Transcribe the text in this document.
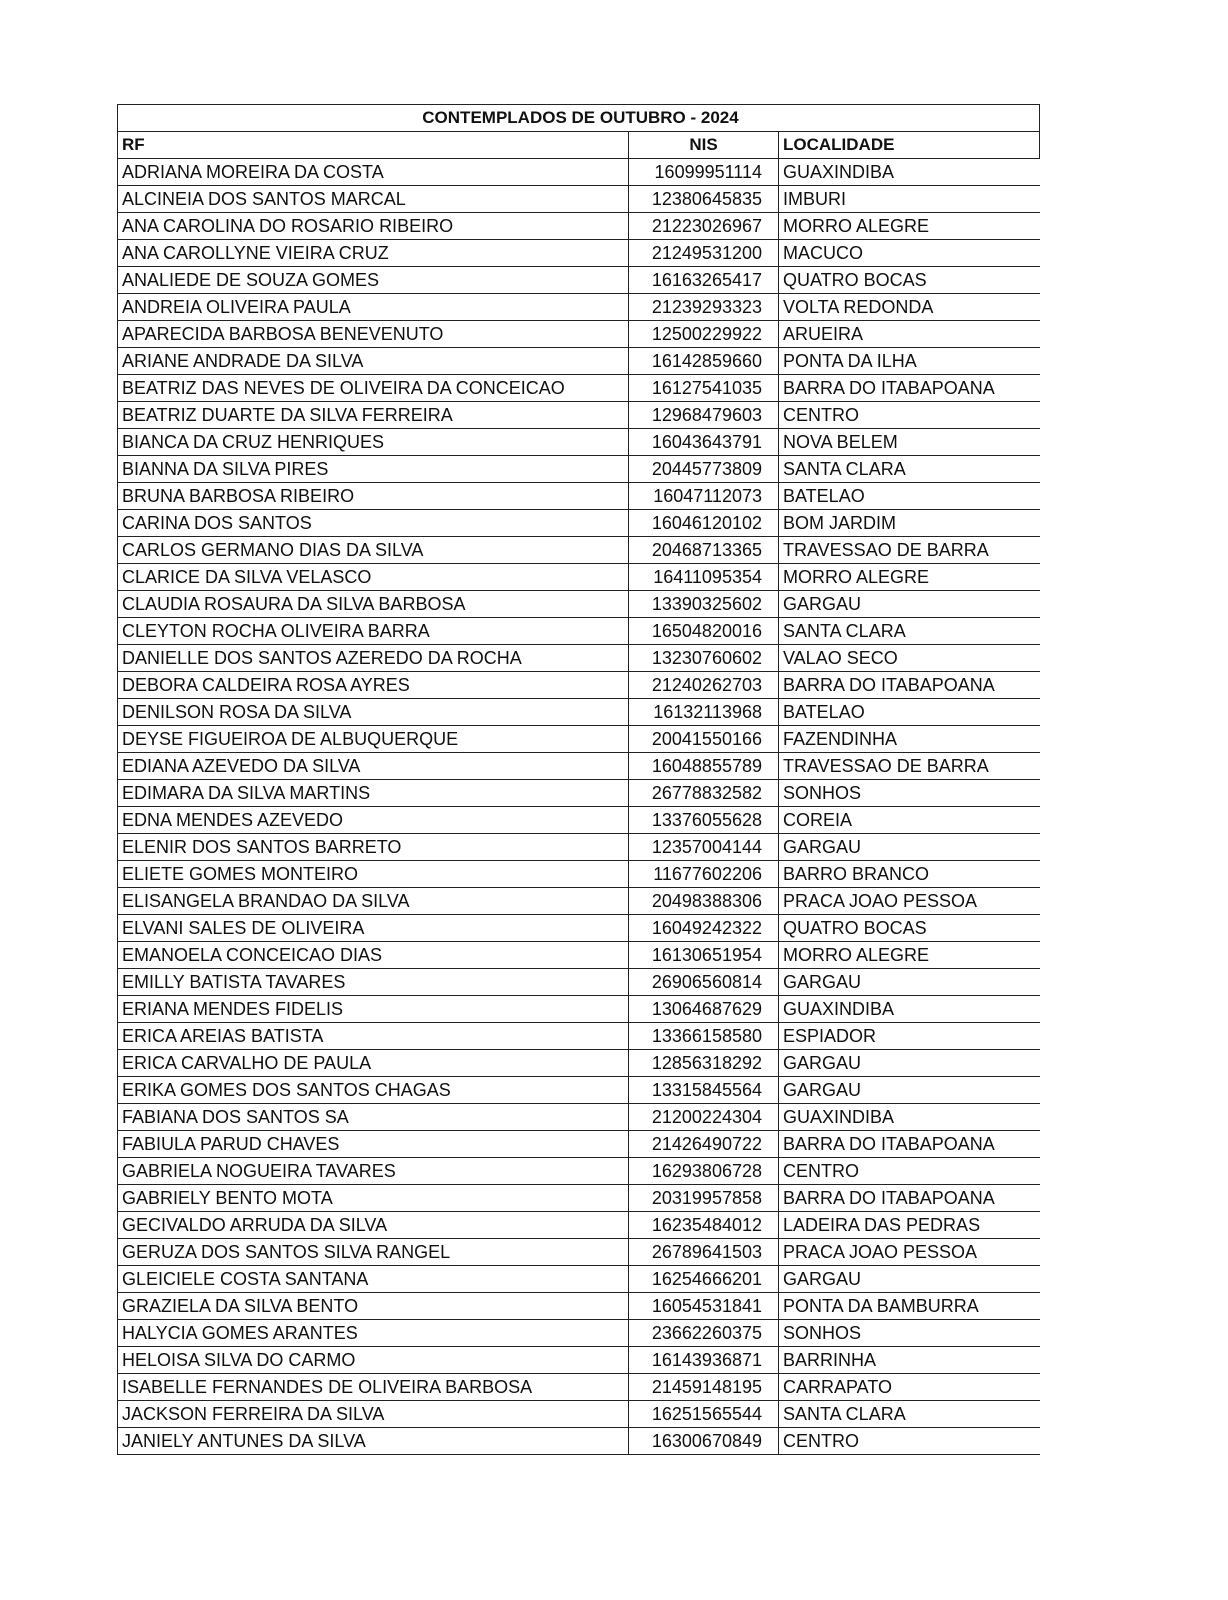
CONTEMPLADOS DE OUTUBRO - 2024		
RF	NIS	LOCALIDADE
ADRIANA MOREIRA DA COSTA	16099951114	GUAXINDIBA
ALCINEIA DOS SANTOS MARCAL	12380645835	IMBURI
ANA CAROLINA DO ROSARIO RIBEIRO	21223026967	MORRO ALEGRE
ANA CAROLLYNE VIEIRA CRUZ	21249531200	MACUCO
ANALIEDE DE SOUZA GOMES	16163265417	QUATRO BOCAS
ANDREIA OLIVEIRA PAULA	21239293323	VOLTA REDONDA
APARECIDA BARBOSA BENEVENUTO	12500229922	ARUEIRA
ARIANE ANDRADE DA SILVA	16142859660	PONTA DA ILHA
BEATRIZ DAS NEVES DE OLIVEIRA DA CONCEICAO	16127541035	BARRA DO ITABAPOANA
BEATRIZ DUARTE DA SILVA FERREIRA	12968479603	CENTRO
BIANCA DA CRUZ HENRIQUES	16043643791	NOVA BELEM
BIANNA DA SILVA PIRES	20445773809	SANTA CLARA
BRUNA BARBOSA RIBEIRO	16047112073	BATELAO
CARINA DOS SANTOS	16046120102	BOM JARDIM
CARLOS GERMANO DIAS DA SILVA	20468713365	TRAVESSAO DE BARRA
CLARICE DA SILVA VELASCO	16411095354	MORRO ALEGRE
CLAUDIA ROSAURA DA SILVA BARBOSA	13390325602	GARGAU
CLEYTON ROCHA OLIVEIRA BARRA	16504820016	SANTA CLARA
DANIELLE DOS SANTOS AZEREDO DA ROCHA	13230760602	VALAO SECO
DEBORA CALDEIRA ROSA AYRES	21240262703	BARRA DO ITABAPOANA
DENILSON ROSA DA SILVA	16132113968	BATELAO
DEYSE FIGUEIROA DE ALBUQUERQUE	20041550166	FAZENDINHA
EDIANA AZEVEDO DA SILVA	16048855789	TRAVESSAO DE BARRA
EDIMARA DA SILVA MARTINS	26778832582	SONHOS
EDNA MENDES AZEVEDO	13376055628	COREIA
ELENIR DOS SANTOS BARRETO	12357004144	GARGAU
ELIETE GOMES MONTEIRO	11677602206	BARRO BRANCO
ELISANGELA BRANDAO DA SILVA	20498388306	PRACA JOAO PESSOA
ELVANI SALES DE OLIVEIRA	16049242322	QUATRO BOCAS
EMANOELA CONCEICAO DIAS	16130651954	MORRO ALEGRE
EMILLY BATISTA TAVARES	26906560814	GARGAU
ERIANA MENDES FIDELIS	13064687629	GUAXINDIBA
ERICA AREIAS BATISTA	13366158580	ESPIADOR
ERICA CARVALHO DE PAULA	12856318292	GARGAU
ERIKA GOMES DOS SANTOS CHAGAS	13315845564	GARGAU
FABIANA DOS SANTOS SA	21200224304	GUAXINDIBA
FABIULA PARUD CHAVES	21426490722	BARRA DO ITABAPOANA
GABRIELA NOGUEIRA TAVARES	16293806728	CENTRO
GABRIELY BENTO MOTA	20319957858	BARRA DO ITABAPOANA
GECIVALDO ARRUDA DA SILVA	16235484012	LADEIRA DAS PEDRAS
GERUZA DOS SANTOS SILVA RANGEL	26789641503	PRACA JOAO PESSOA
GLEICIELE COSTA SANTANA	16254666201	GARGAU
GRAZIELA DA SILVA BENTO	16054531841	PONTA DA BAMBURRA
HALYCIA GOMES ARANTES	23662260375	SONHOS
HELOISA SILVA DO CARMO	16143936871	BARRINHA
ISABELLE FERNANDES DE OLIVEIRA BARBOSA	21459148195	CARRAPATO
JACKSON FERREIRA DA SILVA	16251565544	SANTA CLARA
JANIELY ANTUNES DA SILVA	16300670849	CENTRO
